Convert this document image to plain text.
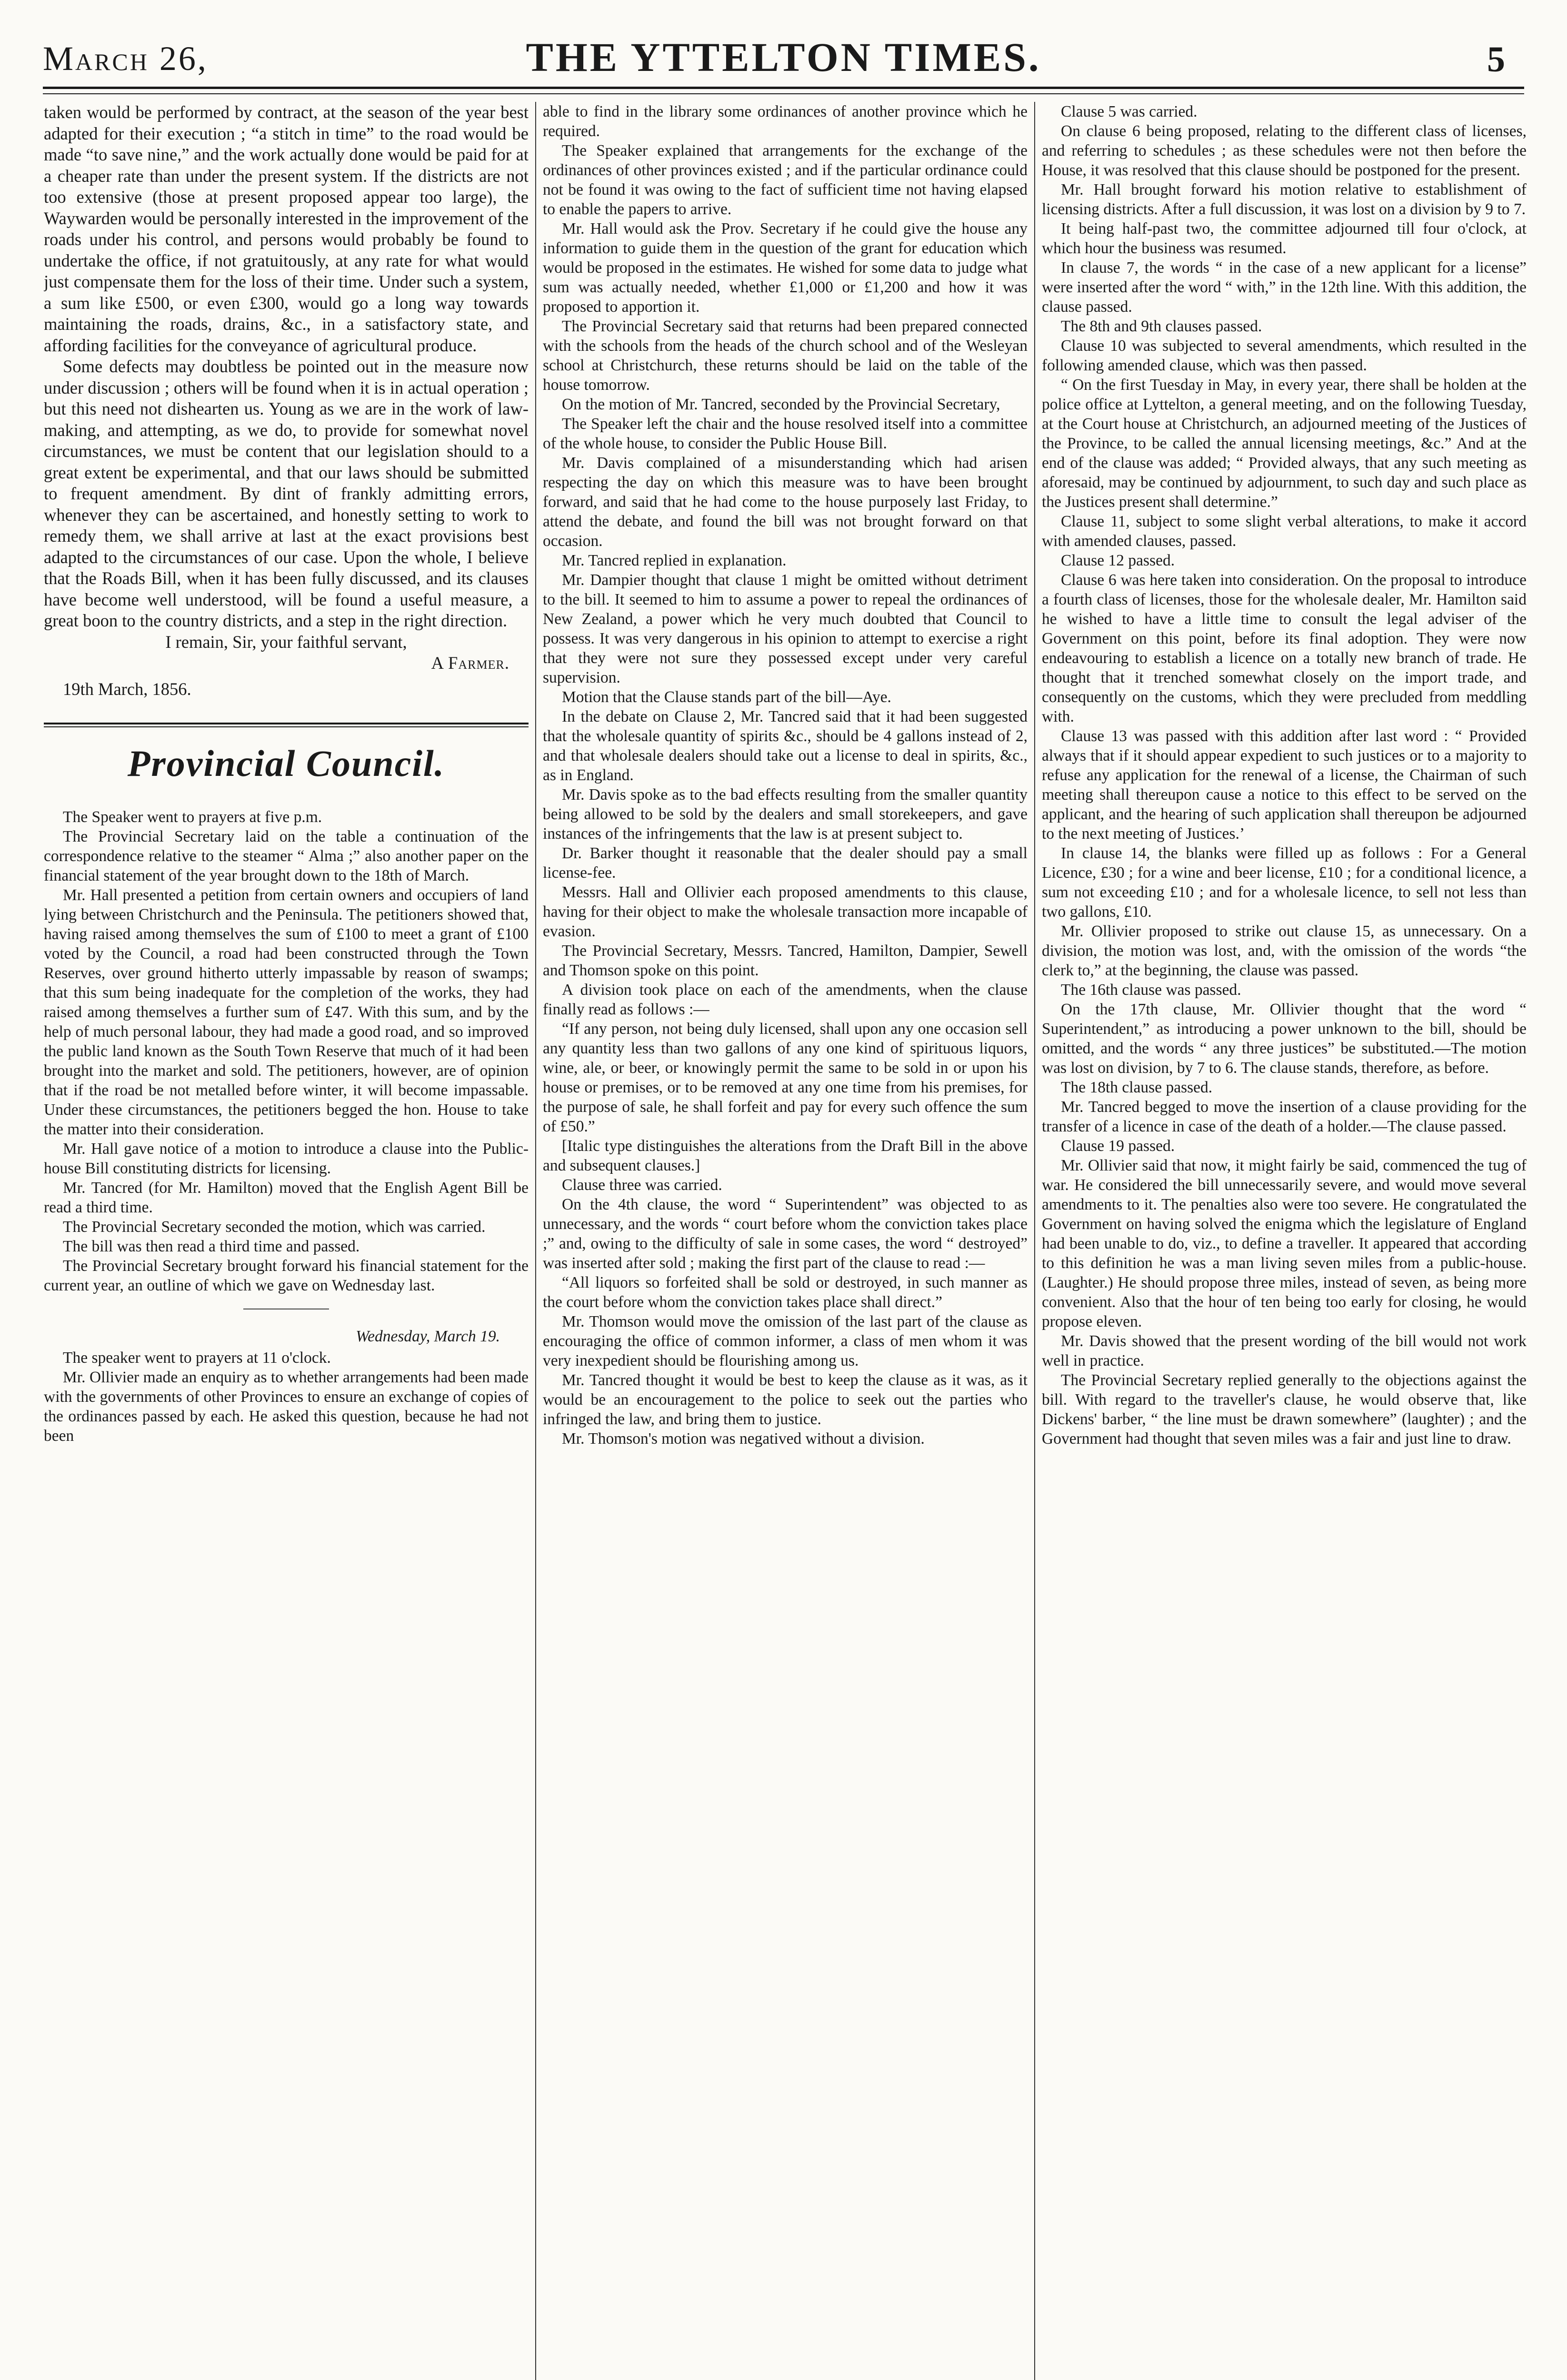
March 26,	THE YTTELTON TIMES.	5

taken would be performed by contract, at the season of the year best adapted for their execution ; “a stitch in time” to the road would be made “to save nine,” and the work actually done would be paid for at a cheaper rate than under the present system. If the districts are not too extensive (those at present proposed appear too large), the Waywarden would be personally interested in the improvement of the roads under his control, and persons would probably be found to undertake the office, if not gratuitously, at any rate for what would just compensate them for the loss of their time. Under such a system, a sum like £500, or even £300, would go a long way towards maintaining the roads, drains, &c., in a satisfactory state, and affording facilities for the conveyance of agricultural produce.

Some defects may doubtless be pointed out in the measure now under discussion ; others will be found when it is in actual operation ; but this need not dishearten us. Young as we are in the work of law-making, and attempting, as we do, to provide for somewhat novel circumstances, we must be content that our legislation should to a great extent be experimental, and that our laws should be submitted to frequent amendment. By dint of frankly admitting errors, whenever they can be ascertained, and honestly setting to work to remedy them, we shall arrive at last at the exact provisions best adapted to the circumstances of our case. Upon the whole, I believe that the Roads Bill, when it has been fully discussed, and its clauses have become well understood, will be found a useful measure, a great boon to the country districts, and a step in the right direction.

I remain, Sir, your faithful servant,

A Farmer.

19th March, 1856.

Provincial Council.

The Speaker went to prayers at five p.m.

The Provincial Secretary laid on the table a continuation of the correspondence relative to the steamer “ Alma ;” also another paper on the financial statement of the year brought down to the 18th of March.

Mr. Hall presented a petition from certain owners and occupiers of land lying between Christchurch and the Peninsula. The petitioners showed that, having raised among themselves the sum of £100 to meet a grant of £100 voted by the Council, a road had been constructed through the Town Reserves, over ground hitherto utterly impassable by reason of swamps; that this sum being inadequate for the completion of the works, they had raised among themselves a further sum of £47. With this sum, and by the help of much personal labour, they had made a good road, and so improved the public land known as the South Town Reserve that much of it had been brought into the market and sold. The petitioners, however, are of opinion that if the road be not metalled before winter, it will become impassable. Under these circumstances, the petitioners begged the hon. House to take the matter into their consideration.

Mr. Hall gave notice of a motion to introduce a clause into the Public-house Bill constituting districts for licensing.

Mr. Tancred (for Mr. Hamilton) moved that the English Agent Bill be read a third time.

The Provincial Secretary seconded the motion, which was carried.

The bill was then read a third time and passed.

The Provincial Secretary brought forward his financial statement for the current year, an outline of which we gave on Wednesday last.

Wednesday, March 19.

The speaker went to prayers at 11 o'clock.

Mr. Ollivier made an enquiry as to whether arrangements had been made with the governments of other Provinces to ensure an exchange of copies of the ordinances passed by each. He asked this question, because he had not been

able to find in the library some ordinances of another province which he required.

The Speaker explained that arrangements for the exchange of the ordinances of other provinces existed ; and if the particular ordinance could not be found it was owing to the fact of sufficient time not having elapsed to enable the papers to arrive.

Mr. Hall would ask the Prov. Secretary if he could give the house any information to guide them in the question of the grant for education which would be proposed in the estimates. He wished for some data to judge what sum was actually needed, whether £1,000 or £1,200 and how it was proposed to apportion it.

The Provincial Secretary said that returns had been prepared connected with the schools from the heads of the church school and of the Wesleyan school at Christchurch, these returns should be laid on the table of the house tomorrow.

On the motion of Mr. Tancred, seconded by the Provincial Secretary,

The Speaker left the chair and the house resolved itself into a committee of the whole house, to consider the Public House Bill.

Mr. Davis complained of a misunderstanding which had arisen respecting the day on which this measure was to have been brought forward, and said that he had come to the house purposely last Friday, to attend the debate, and found the bill was not brought forward on that occasion.

Mr. Tancred replied in explanation.

Mr. Dampier thought that clause 1 might be omitted without detriment to the bill. It seemed to him to assume a power to repeal the ordinances of New Zealand, a power which he very much doubted that Council to possess. It was very dangerous in his opinion to attempt to exercise a right that they were not sure they possessed except under very careful supervision.

Motion that the Clause stands part of the bill—Aye.

In the debate on Clause 2, Mr. Tancred said that it had been suggested that the wholesale quantity of spirits &c., should be 4 gallons instead of 2, and that wholesale dealers should take out a license to deal in spirits, &c., as in England.

Mr. Davis spoke as to the bad effects resulting from the smaller quantity being allowed to be sold by the dealers and small storekeepers, and gave instances of the infringements that the law is at present subject to.

Dr. Barker thought it reasonable that the dealer should pay a small license-fee.

Messrs. Hall and Ollivier each proposed amendments to this clause, having for their object to make the wholesale transaction more incapable of evasion.

The Provincial Secretary, Messrs. Tancred, Hamilton, Dampier, Sewell and Thomson spoke on this point.

A division took place on each of the amendments, when the clause finally read as follows :—

“If any person, not being duly licensed, shall upon any one occasion sell any quantity less than two gallons of any one kind of spirituous liquors, wine, ale, or beer, or knowingly permit the same to be sold in or upon his house or premises, or to be removed at any one time from his premises, for the purpose of sale, he shall forfeit and pay for every such offence the sum of £50.”

[Italic type distinguishes the alterations from the Draft Bill in the above and subsequent clauses.]

Clause three was carried.

On the 4th clause, the word “ Superintendent” was objected to as unnecessary, and the words “ court before whom the conviction takes place ;” and, owing to the difficulty of sale in some cases, the word “ destroyed” was inserted after sold ; making the first part of the clause to read :—

“All liquors so forfeited shall be sold or destroyed, in such manner as the court before whom the conviction takes place shall direct.”

Mr. Thomson would move the omission of the last part of the clause as encouraging the office of common informer, a class of men whom it was very inexpedient should be flourishing among us.

Mr. Tancred thought it would be best to keep the clause as it was, as it would be an encouragement to the police to seek out the parties who infringed the law, and bring them to justice.

Mr. Thomson's motion was negatived without a division.

Clause 5 was carried.

On clause 6 being proposed, relating to the different class of licenses, and referring to schedules ; as these schedules were not then before the House, it was resolved that this clause should be postponed for the present.

Mr. Hall brought forward his motion relative to establishment of licensing districts. After a full discussion, it was lost on a division by 9 to 7.

It being half-past two, the committee adjourned till four o'clock, at which hour the business was resumed.

In clause 7, the words “ in the case of a new applicant for a license” were inserted after the word “ with,” in the 12th line. With this addition, the clause passed.

The 8th and 9th clauses passed.

Clause 10 was subjected to several amendments, which resulted in the following amended clause, which was then passed.

“ On the first Tuesday in May, in every year, there shall be holden at the police office at Lyttelton, a general meeting, and on the following Tuesday, at the Court house at Christchurch, an adjourned meeting of the Justices of the Province, to be called the annual licensing meetings, &c.” And at the end of the clause was added; “ Provided always, that any such meeting as aforesaid, may be continued by adjournment, to such day and such place as the Justices present shall determine.”

Clause 11, subject to some slight verbal alterations, to make it accord with amended clauses, passed.

Clause 12 passed.

Clause 6 was here taken into consideration. On the proposal to introduce a fourth class of licenses, those for the wholesale dealer, Mr. Hamilton said he wished to have a little time to consult the legal adviser of the Government on this point, before its final adoption. They were now endeavouring to establish a licence on a totally new branch of trade. He thought that it trenched somewhat closely on the import trade, and consequently on the customs, which they were precluded from meddling with.

Clause 13 was passed with this addition after last word : “ Provided always that if it should appear expedient to such justices or to a majority to refuse any application for the renewal of a license, the Chairman of such meeting shall thereupon cause a notice to this effect to be served on the applicant, and the hearing of such application shall thereupon be adjourned to the next meeting of Justices.’

In clause 14, the blanks were filled up as follows : For a General Licence, £30 ; for a wine and beer license, £10 ; for a conditional licence, a sum not exceeding £10 ; and for a wholesale licence, to sell not less than two gallons, £10.

Mr. Ollivier proposed to strike out clause 15, as unnecessary. On a division, the motion was lost, and, with the omission of the words “the clerk to,” at the beginning, the clause was passed.

The 16th clause was passed.

On the 17th clause, Mr. Ollivier thought that the word “ Superintendent,” as introducing a power unknown to the bill, should be omitted, and the words “ any three justices” be substituted.—The motion was lost on division, by 7 to 6. The clause stands, therefore, as before.

The 18th clause passed.

Mr. Tancred begged to move the insertion of a clause providing for the transfer of a licence in case of the death of a holder.—The clause passed.

Clause 19 passed.

Mr. Ollivier said that now, it might fairly be said, commenced the tug of war. He considered the bill unnecessarily severe, and would move several amendments to it. The penalties also were too severe. He congratulated the Government on having solved the enigma which the legislature of England had been unable to do, viz., to define a traveller. It appeared that according to this definition he was a man living seven miles from a public-house. (Laughter.) He should propose three miles, instead of seven, as being more convenient. Also that the hour of ten being too early for closing, he would propose eleven.

Mr. Davis showed that the present wording of the bill would not work well in practice.

The Provincial Secretary replied generally to the objections against the bill. With regard to the traveller's clause, he would observe that, like Dickens' barber, “ the line must be drawn somewhere” (laughter) ; and the Government had thought that seven miles was a fair and just line to draw.
